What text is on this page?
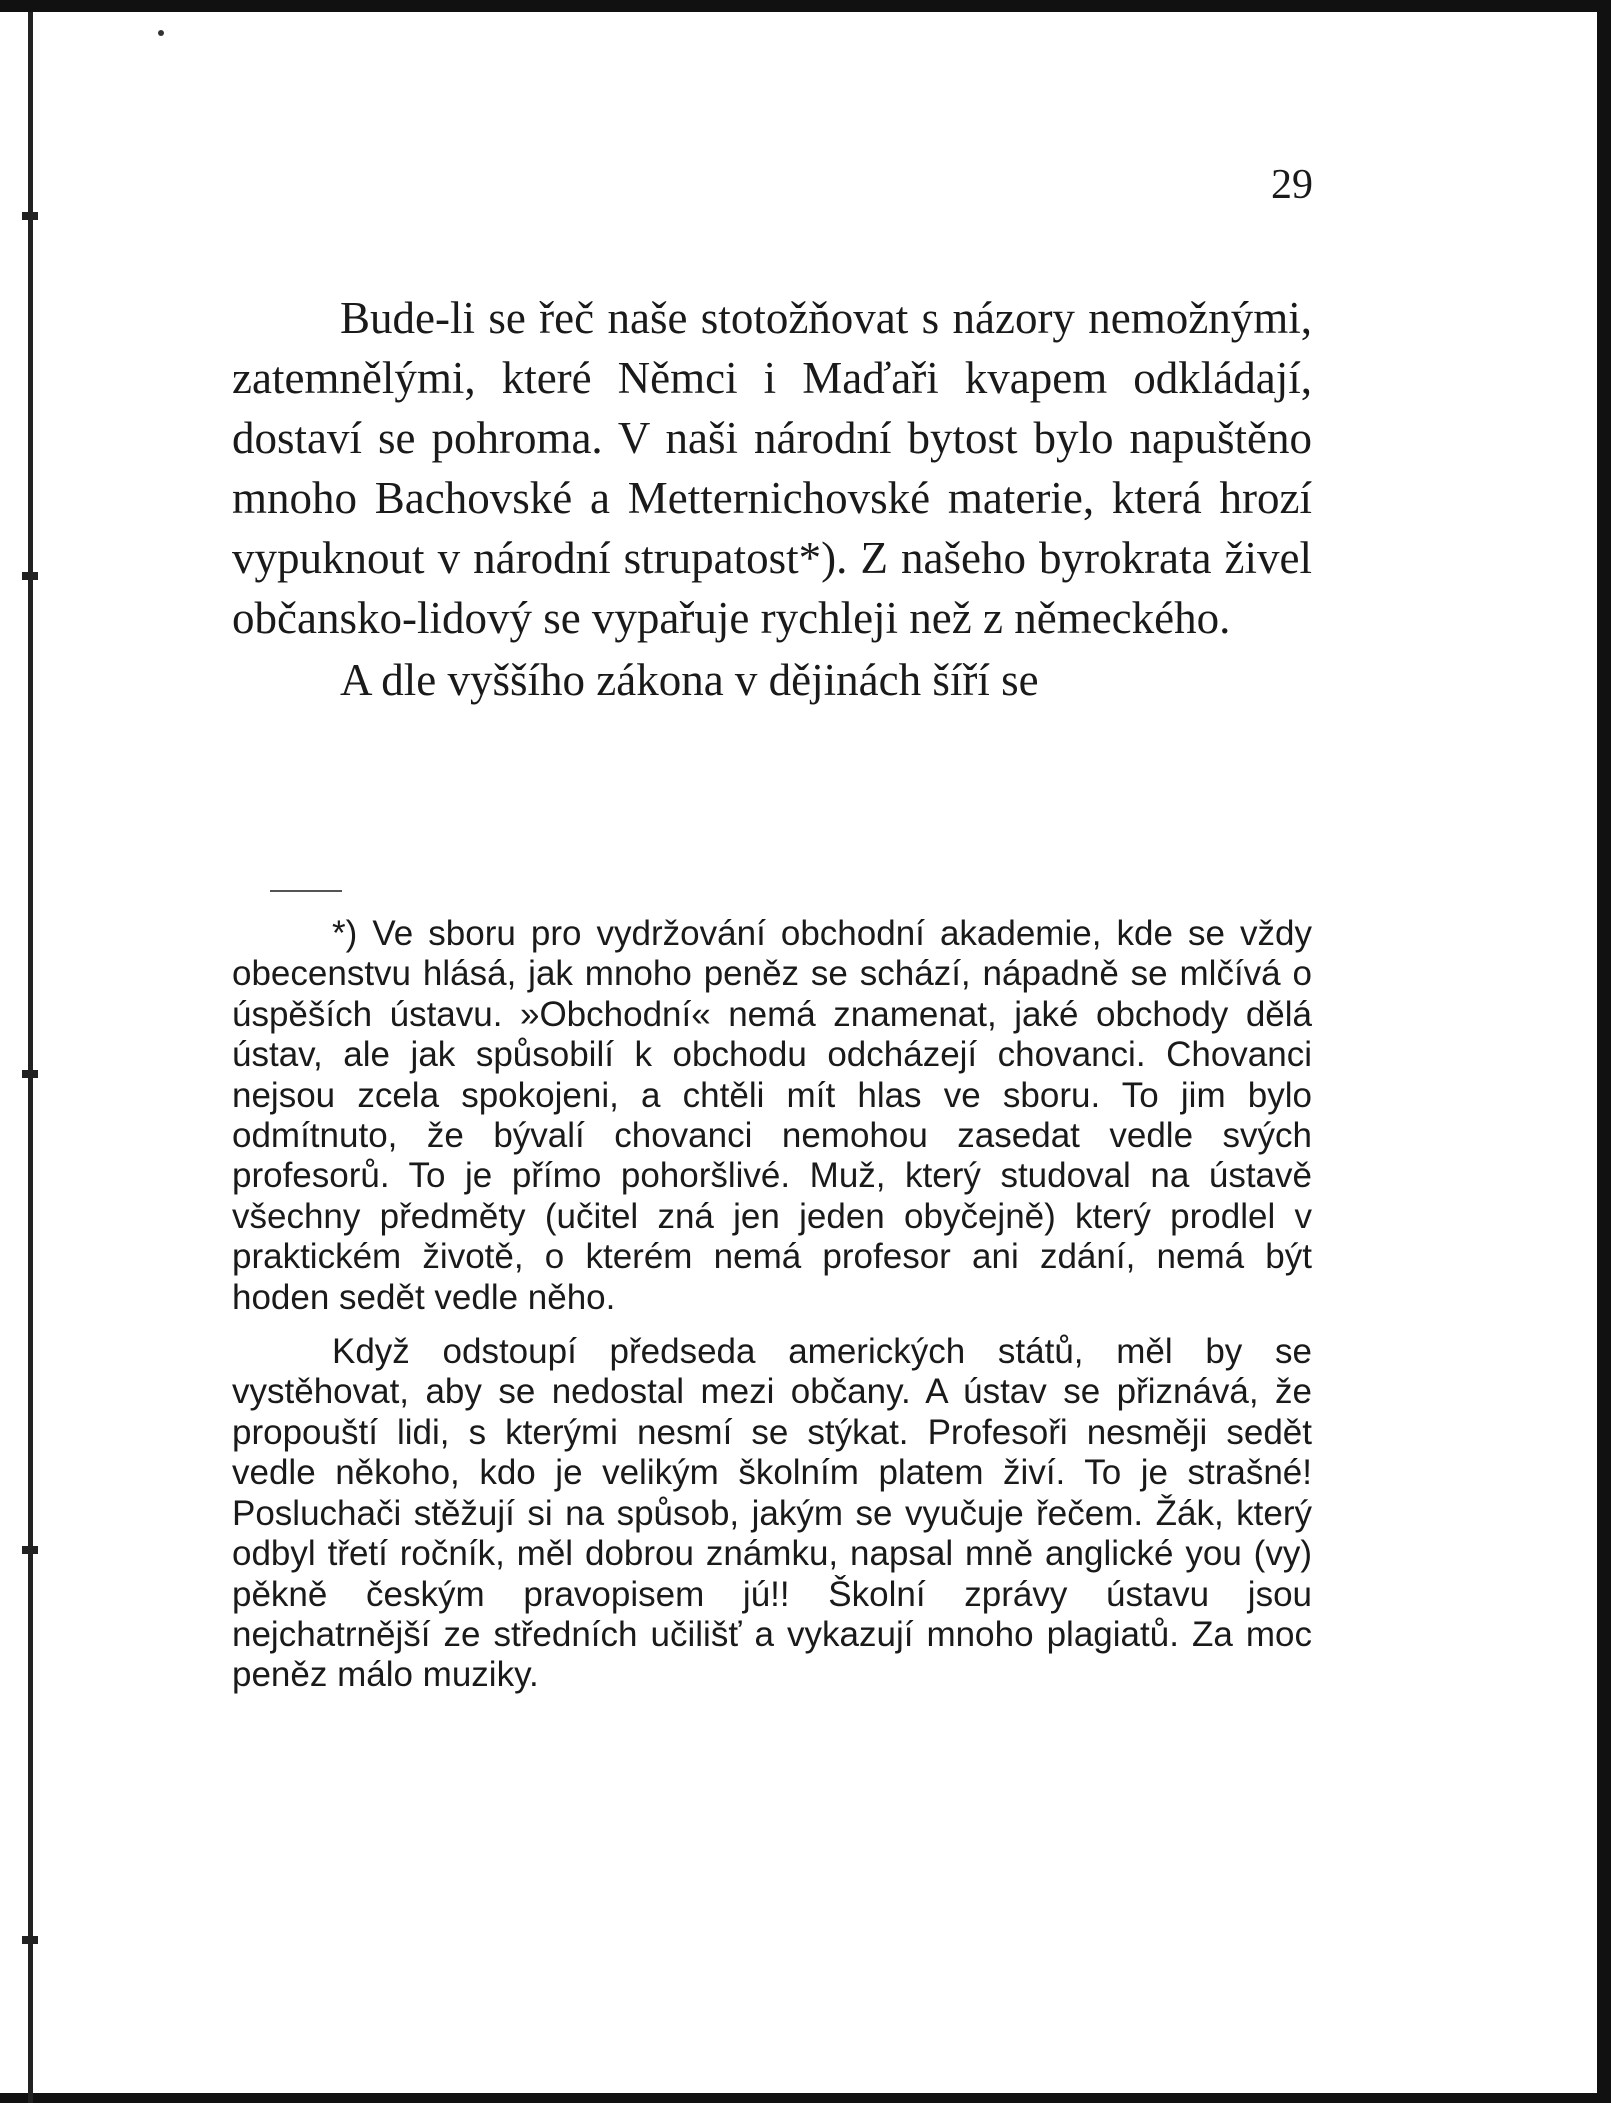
29

Bude-li se řeč naše stotožňovat s názory nemožnými, zatemnělými, které Němci i Maďaři kvapem odkládají, dostaví se pohroma. V naši národní bytost bylo napuštěno mnoho Bachovské a Metternichovské materie, která hrozí vypuknout v národní strupatost*). Z našeho byrokrata živel občansko-lidový se vypařuje rychleji než z německého.

A dle vyššího zákona v dějinách šíří se

*) Ve sboru pro vydržování obchodní akademie, kde se vždy obecenstvu hlásá, jak mnoho peněz se schází, nápadně se mlčívá o úspěších ústavu. »Obchodní« nemá znamenat, jaké obchody dělá ústav, ale jak spůsobilí k obchodu odcházejí chovanci. Chovanci nejsou zcela spokojeni, a chtěli mít hlas ve sboru. To jim bylo odmítnuto, že bývalí chovanci nemohou zasedat vedle svých profesorů. To je přímo pohoršlivé. Muž, který studoval na ústavě všechny předměty (učitel zná jen jeden obyčejně) který prodlel v praktickém životě, o kterém nemá profesor ani zdání, nemá být hoden sedět vedle něho.

Když odstoupí předseda amerických států, měl by se vystěhovat, aby se nedostal mezi občany. A ústav se přiznává, že propouští lidi, s kterými nesmí se stýkat. Profesoři nesměji sedět vedle někoho, kdo je velikým školním platem živí. To je strašné! Posluchači stěžují si na spůsob, jakým se vyučuje řečem. Žák, který odbyl třetí ročník, měl dobrou známku, napsal mně anglické you (vy) pěkně českým pravopisem jú!! Školní zprávy ústavu jsou nejchatrnější ze středních učilišť a vykazují mnoho plagiatů. Za moc peněz málo muziky.
